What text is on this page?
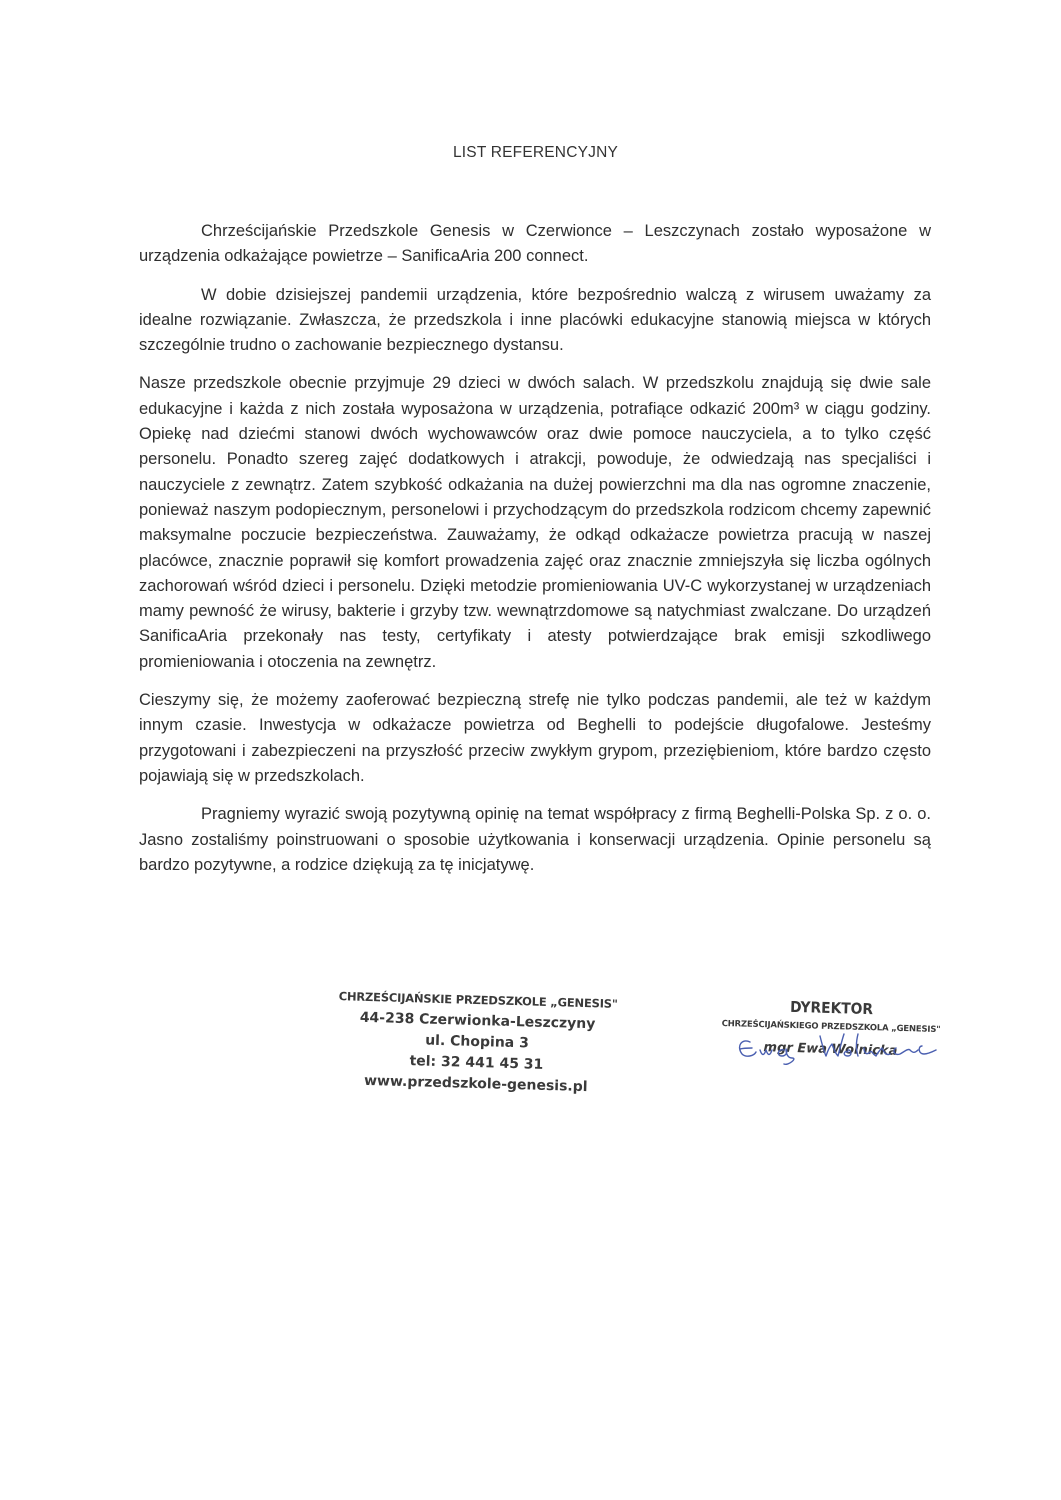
LIST REFERENCYJNY

Chrześcijańskie Przedszkole Genesis w Czerwionce – Leszczynach zostało wyposażone w urządzenia odkażające powietrze – SanificaAria 200 connect.

W dobie dzisiejszej pandemii urządzenia, które bezpośrednio walczą z wirusem uważamy za idealne rozwiązanie. Zwłaszcza, że przedszkola i inne placówki edukacyjne stanowią miejsca w których szczególnie trudno o zachowanie bezpiecznego dystansu.

Nasze przedszkole obecnie przyjmuje 29 dzieci w dwóch salach. W przedszkolu znajdują się dwie sale edukacyjne i każda z nich została wyposażona w urządzenia, potrafiące odkazić 200m³ w ciągu godziny. Opiekę nad dziećmi stanowi dwóch wychowawców oraz dwie pomoce nauczyciela, a to tylko część personelu. Ponadto szereg zajęć dodatkowych i atrakcji, powoduje, że odwiedzają nas specjaliści i nauczyciele z zewnątrz. Zatem szybkość odkażania na dużej powierzchni ma dla nas ogromne znaczenie, ponieważ naszym podopiecznym, personelowi i przychodzącym do przedszkola rodzicom chcemy zapewnić maksymalne poczucie bezpieczeństwa. Zauważamy, że odkąd odkażacze powietrza pracują w naszej placówce, znacznie poprawił się komfort prowadzenia zajęć oraz znacznie zmniejszyła się liczba ogólnych zachorowań wśród dzieci i personelu. Dzięki metodzie promieniowania UV-C wykorzystanej w urządzeniach mamy pewność że wirusy, bakterie i grzyby tzw. wewnątrzdomowe są natychmiast zwalczane. Do urządzeń SanificaAria przekonały nas testy, certyfikaty i atesty potwierdzające brak emisji szkodliwego promieniowania i otoczenia na zewnętrz.

Cieszymy się, że możemy zaoferować bezpieczną strefę nie tylko podczas pandemii, ale też w każdym innym czasie. Inwestycja w odkażacze powietrza od Beghelli to podejście długofalowe. Jesteśmy przygotowani i zabezpieczeni na przyszłość przeciw zwykłym grypom, przeziębieniom, które bardzo często pojawiają się w przedszkolach.

Pragniemy wyrazić swoją pozytywną opinię na temat współpracy z firmą Beghelli-Polska Sp. z o. o. Jasno zostaliśmy poinstruowani o sposobie użytkowania i konserwacji urządzenia. Opinie personelu są bardzo pozytywne, a rodzice dziękują za tę inicjatywę.

CHRZEŚCIJAŃSKIE PRZEDSZKOLE „GENESIS"
44-238 Czerwionka-Leszczyny
ul. Chopina 3
tel: 32 441 45 31
www.przedszkole-genesis.pl
DYREKTOR
CHRZEŚCIJAŃSKIEGO PRZEDSZKOLA „GENESIS"
mgr Ewa Wolnicka
